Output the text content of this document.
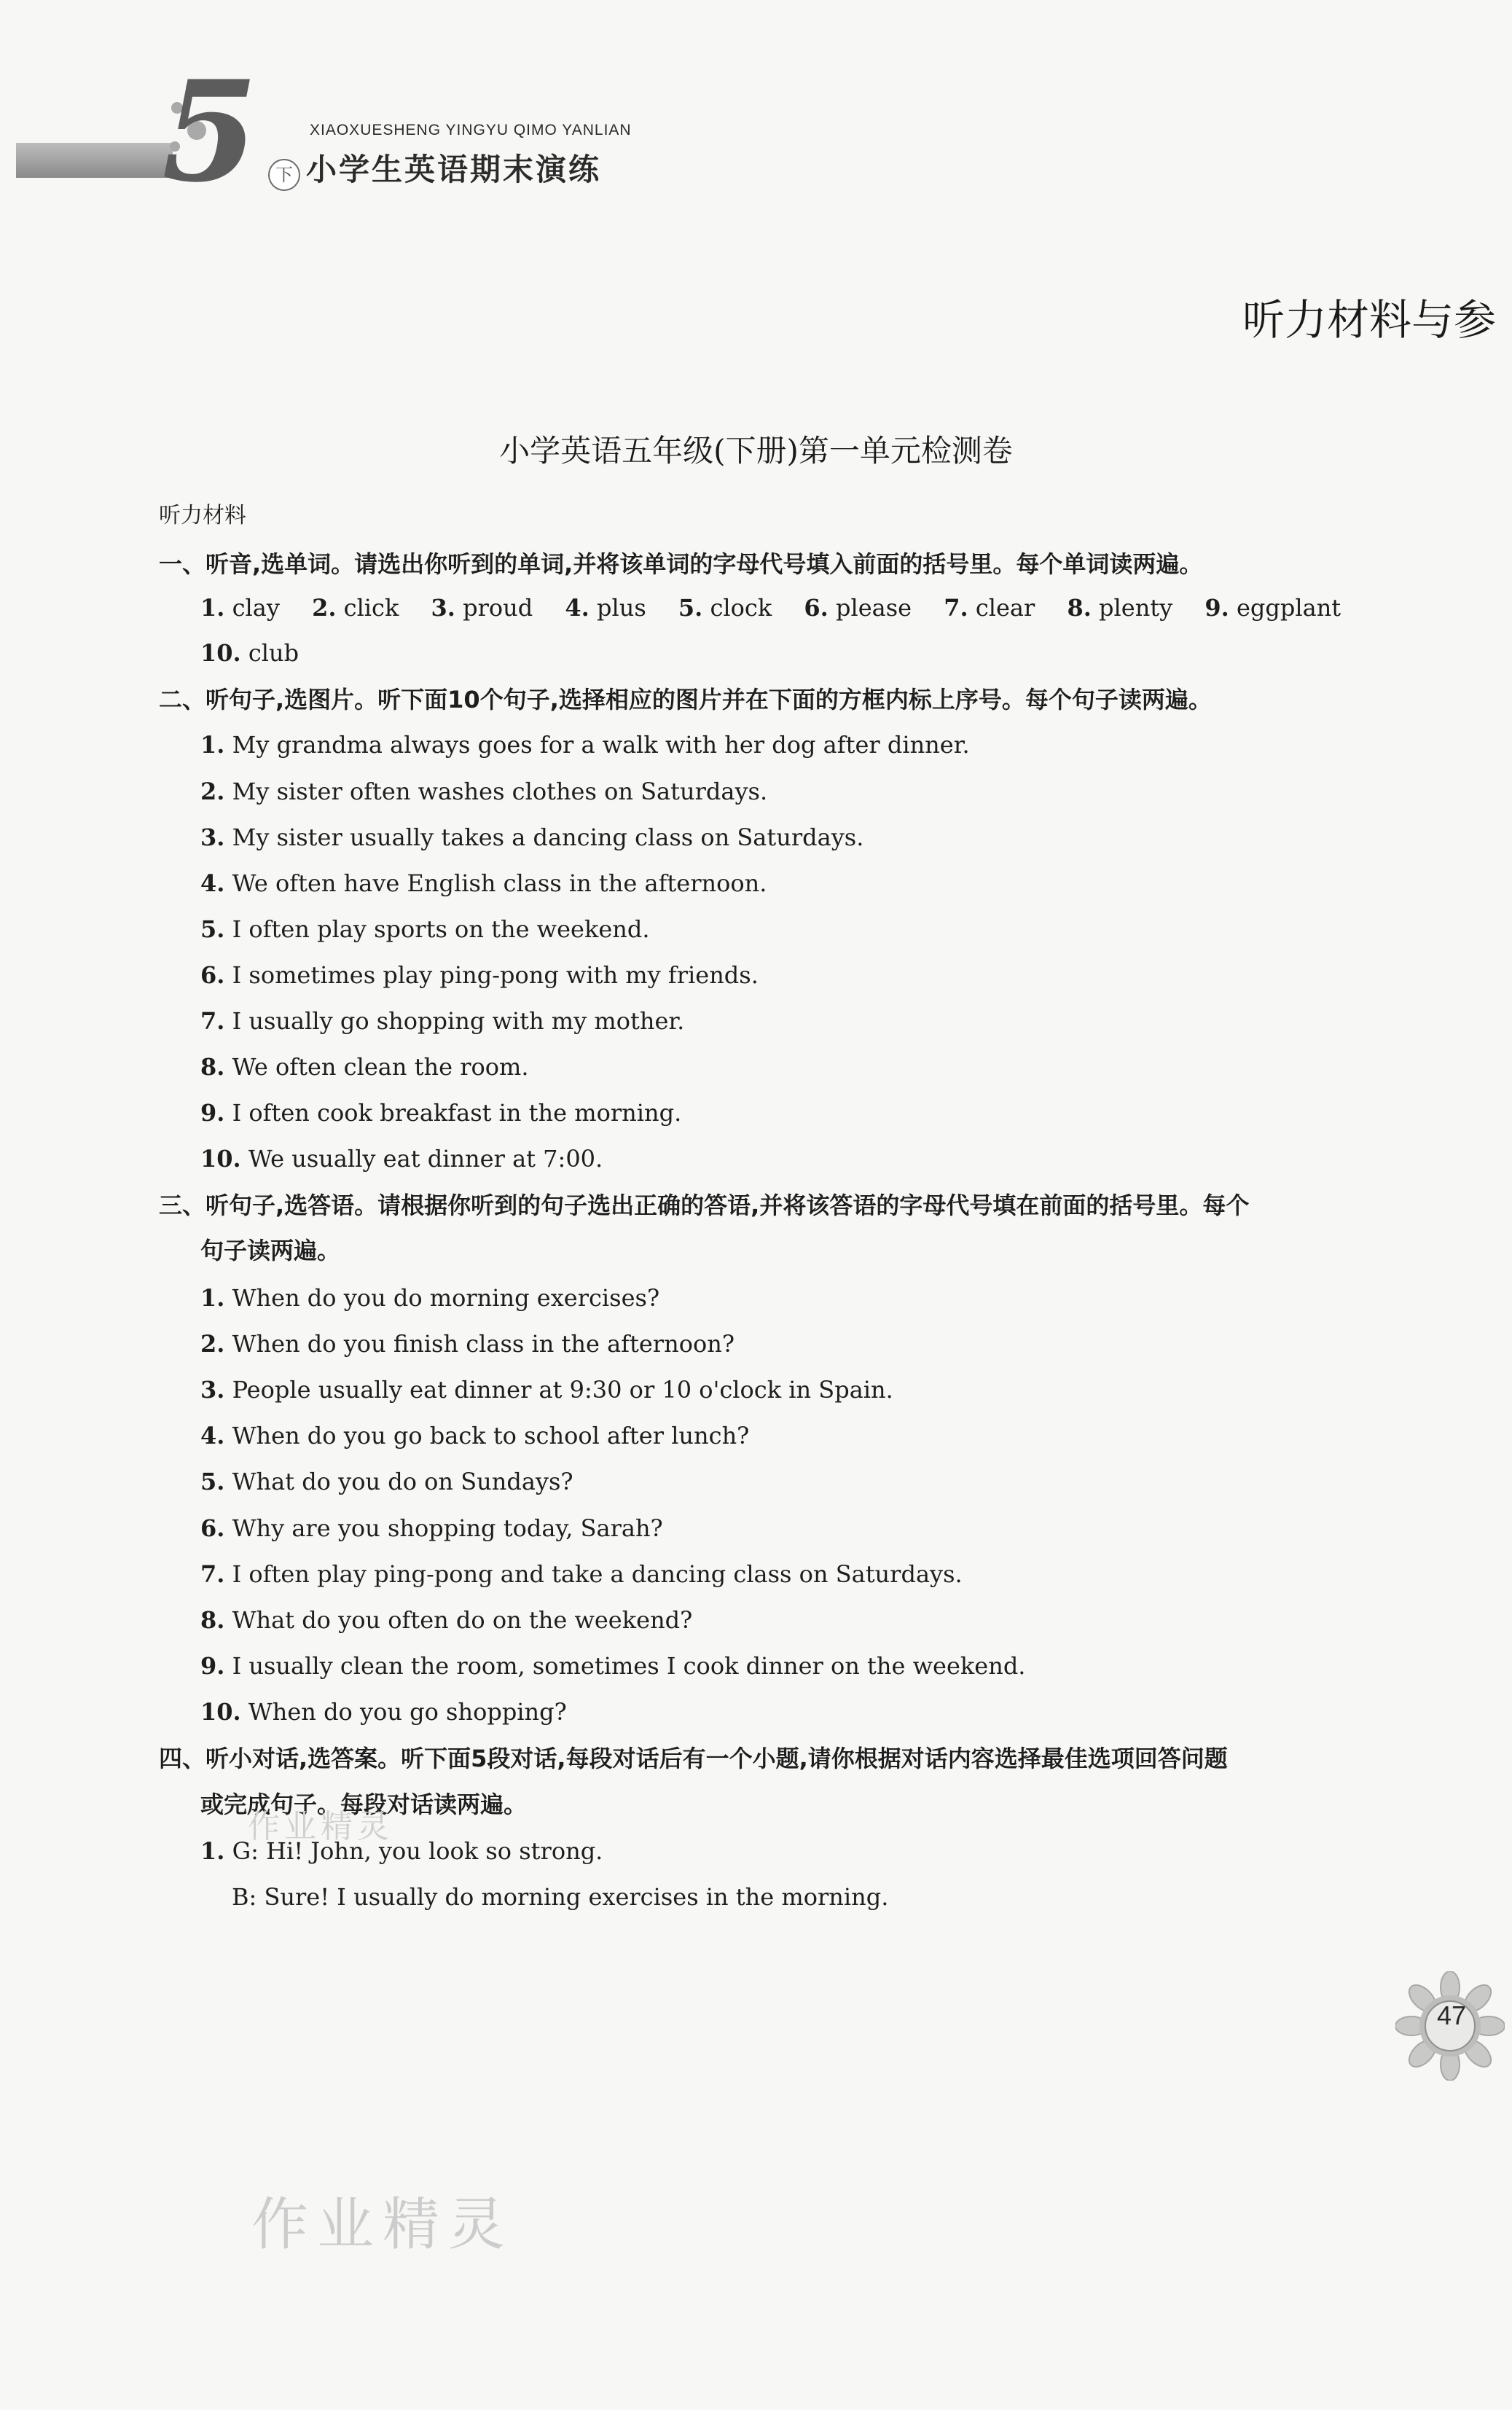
5 下
XIAOXUESHENG YINGYU QIMO YANLIAN
小学生英语期末演练
听力材料与参
小学英语五年级(下册)第一单元检测卷
听力材料
一、听音,选单词。请选出你听到的单词,并将该单词的字母代号填入前面的括号里。每个单词读两遍。
1. clay 2. click 3. proud 4. plus 5. clock 6. please 7. clear 8. plenty 9. eggplant
10. club
二、听句子,选图片。听下面10个句子,选择相应的图片并在下面的方框内标上序号。每个句子读两遍。
1. My grandma always goes for a walk with her dog after dinner.
2. My sister often washes clothes on Saturdays.
3. My sister usually takes a dancing class on Saturdays.
4. We often have English class in the afternoon.
5. I often play sports on the weekend.
6. I sometimes play ping-pong with my friends.
7. I usually go shopping with my mother.
8. We often clean the room.
9. I often cook breakfast in the morning.
10. We usually eat dinner at 7:00.
三、听句子,选答语。请根据你听到的句子选出正确的答语,并将该答语的字母代号填在前面的括号里。每个
句子读两遍。
1. When do you do morning exercises?
2. When do you finish class in the afternoon?
3. People usually eat dinner at 9:30 or 10 o'clock in Spain.
4. When do you go back to school after lunch?
5. What do you do on Sundays?
6. Why are you shopping today, Sarah?
7. I often play ping-pong and take a dancing class on Saturdays.
8. What do you often do on the weekend?
9. I usually clean the room, sometimes I cook dinner on the weekend.
10. When do you go shopping?
四、听小对话,选答案。听下面5段对话,每段对话后有一个小题,请你根据对话内容选择最佳选项回答问题
或完成句子。每段对话读两遍。
1. G: Hi! John, you look so strong.
B: Sure! I usually do morning exercises in the morning.
47
作业精灵
作业精灵
